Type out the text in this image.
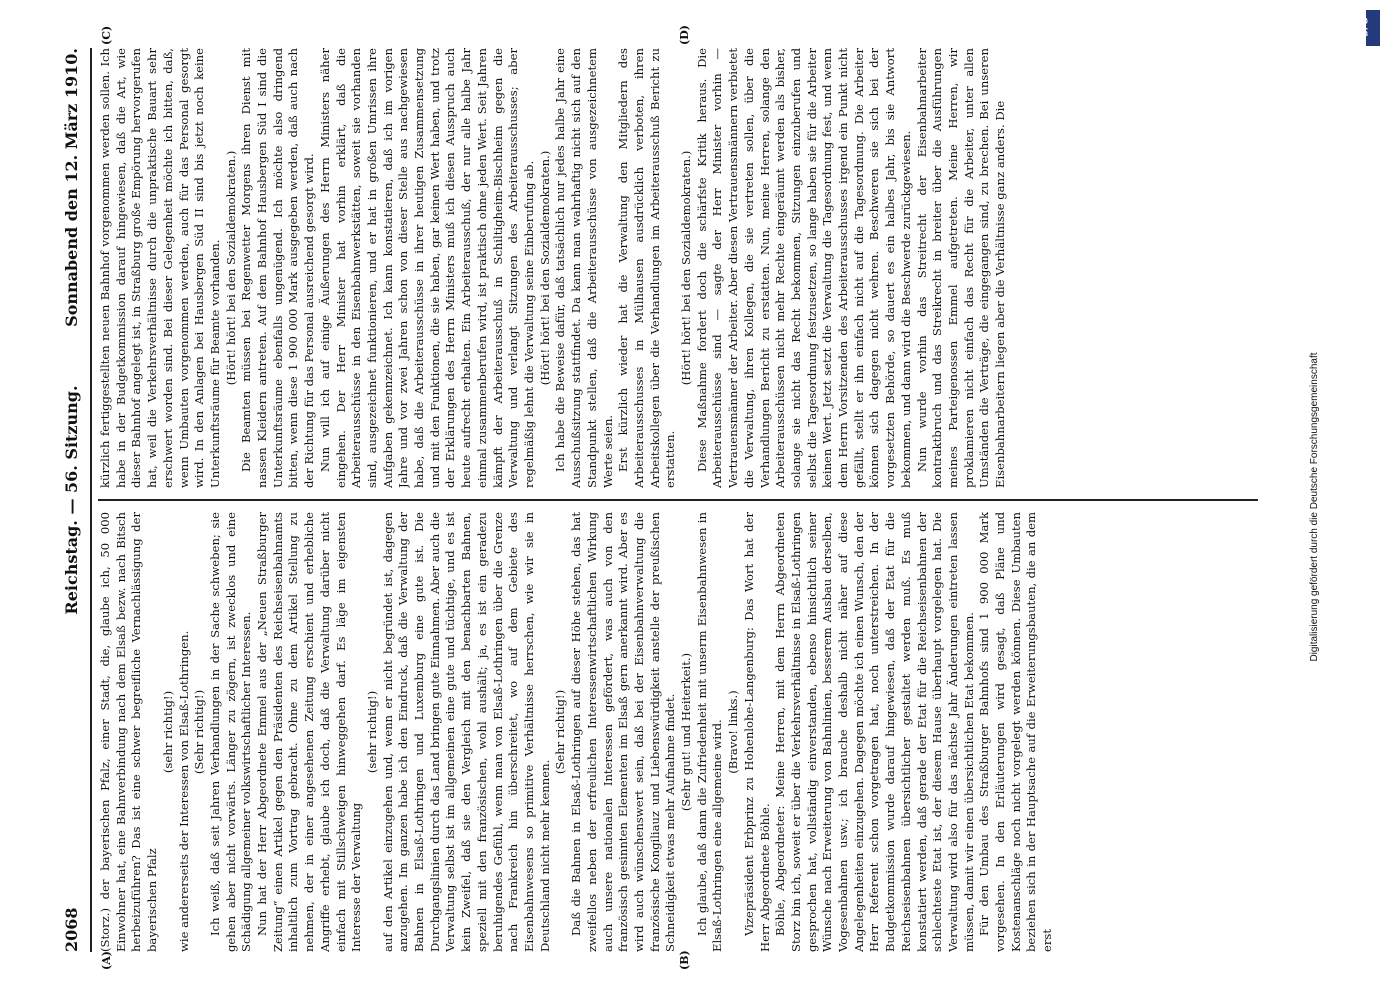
2068
Reichstag. — 56. Sitzung.
Sonnabend den 12. März 1910.
(A)	(B)
(C)	(D)

(Storz.) der bayerischen Pfalz, einer Stadt, die, glaube ich, 50 000 Einwohner hat, eine Bahnverbindung nach dem Elsaß bezw. nach Bitsch herbeizuführen? Das ist eine schwer begreifliche Vernachlässigung der bayerischen Pfalz

(sehr richtig!) wie andererseits der Interessen von Elsaß-Lothringen. (Sehr richtig!) Ich weiß, daß seit Jahren Verhandlungen in der Sache schweben; sie gehen aber nicht vorwärts. Länger zu zögern, ist zwecklos und eine Schädigung allgemeiner volkswirtschaftlicher Interessen. Nun hat der Herr Abgeordnete Emmel aus der „Neuen Straßburger Zeitung“ einen Artikel gegen den Präsidenten des Reichseisenbahnamts inhaltlich zum Vortrag gebracht. Ohne zu dem Artikel Stellung zu nehmen, der in einer angesehenen Zeitung erschient und erhebliche Angriffe erhebt, glaube ich doch, daß die Verwaltung darüber nicht einfach mit Stillschweigen hinweggehen darf. Es läge im eigensten Interesse der Verwaltung

(sehr richtig!) auf den Artikel einzugehen und, wenn er nicht begründet ist, dagegen anzugehen. Im ganzen habe ich den Eindruck, daß die Verwaltung der Bahnen in Elsaß-Lothringen und Luxemburg eine gute ist. Die Durchgangslinien durch das Land bringen gute Einnahmen. Aber auch die Verwaltung selbst ist im allgemeinen eine gute und tüchtige, und es ist kein Zweifel, daß sie den Vergleich mit den benachbarten Bahnen, speziell mit den französischen, wohl aushält; ja, es ist ein geradezu beruhigendes Gefühl, wenn man von Elsaß-Lothringen über die Grenze nach Frankreich hin überschreitet, wo auf dem Gebiete des Eisenbahnwesens so primitive Verhältnisse herrschen, wie wir sie in Deutschland nicht mehr kennen.

(Sehr richtig!) Daß die Bahnen in Elsaß-Lothringen auf dieser Höhe stehen, das hat zweifellos neben der erfreulichen Interessenwirtschaftlichen Wirkung auch unsere nationalen Interessen gefördert, was auch von den französisch gesinnten Elementen im Elsaß gern anerkannt wird. Aber es wird auch wünschenswert sein, daß bei der Eisenbahnverwaltung die französische Kongiliauz und Liebenswürdigkeit anstelle der preußischen Schneidigkeit etwas mehr Aufnahme findet. (Sehr gut! und Heiterkeit.) Ich glaube, daß dann die Zufriedenheit mit unserm Eisenbahnwesen in Elsaß-Lothringen eine allgemeine wird. (Bravo! links.) Vizepräsident Erbprinz zu Hohenlohe-Langenburg: Das Wort hat der Herr Abgeordnete Böhle. Böhle, Abgeordneter: Meine Herren, mit dem Herrn Abgeordneten Storz bin ich, soweit er über die Verkehrsverhältnisse in Elsaß-Lothringen gesprochen hat, vollständig einverstanden, ebenso hinsichtlich seiner Wünsche nach Erweiterung von Bahnlinien, besserem Ausbau derselben, Vogesenbahnen usw.; ich brauche deshalb nicht näher auf diese Angelegenheiten einzugehen. Dagegen möchte ich einen Wunsch, den der Herr Referent schon vorgetragen hat, noch unterstreichen. In der Budgetkommission wurde darauf hingewiesen, daß der Etat für die Reichseisenbahnen übersichtlicher gestaltet werden muß. Es muß konstatiert werden, daß gerade der Etat für die Reichseisenbahnen der schlechteste Etat ist, der diesem Hause überhaupt vorgelegen hat. Die Verwaltung wird also für das nächste Jahr Änderungen eintreten lassen müssen, damit wir einen übersichtlichen Etat bekommen. Für den Umbau des Straßburger Bahnhofs sind 1 900 000 Mark vorgesehen. In den Erläuterungen wird gesagt, daß Pläne und Kostenanschläge noch nicht vorgelegt werden können. Diese Umbauten beziehen sich in der Hauptsache auf die Erweiterungsbauten, die an dem erst

kürzlich fertiggestellten neuen Bahnhof vorgenommen werden sollen. Ich habe in der Budgetkommission darauf hingewiesen, daß die Art, wie dieser Bahnhof angelegt ist, in Straßburg große Empörung hervorgerufen hat, weil die Verkehrsverhältnisse durch die unpraktische Bauart sehr erschwert worden sind. Bei dieser Gelegenheit möchte ich bitten, daß, wenn Umbauten vorgenommen werden, auch für das Personal gesorgt wird. In den Anlagen bei Hausbergen Süd II sind bis jetzt noch keine Unterkunftsräume für Beamte vorhanden. (Hört! hört! bei den Sozialdemokraten.) Die Beamten müssen bei Regenwetter Morgens ihren Dienst mit nassen Kleidern antreten. Auf dem Bahnhof Hausbergen Süd I sind die Unterkunftsräume ebenfalls ungenügend. Ich möchte also dringend bitten, wenn diese 1 900 000 Mark ausgegeben werden, daß auch nach der Richtung für das Personal ausreichend gesorgt wird. Nun will ich auf einige Äußerungen des Herrn Ministers näher eingehen. Der Herr Minister hat vorhin erklärt, daß die Arbeiterausschüsse in den Eisenbahnwerkstätten, soweit sie vorhanden sind, ausgezeichnet funktionieren, und er hat in großen Umrissen ihre Aufgaben gekennzeichnet. Ich kann konstatieren, daß ich im vorigen Jahre und vor zwei Jahren schon von dieser Stelle aus nachgewiesen habe, daß die Arbeiterausschüsse in ihrer heutigen Zusammensetzung und mit den Funktionen, die sie haben, gar keinen Wert haben, und trotz der Erklärungen des Herrn Ministers muß ich diesen Ausspruch auch heute aufrecht erhalten. Ein Arbeiterausschuß, der nur alle halbe Jahr einmal zusammenberufen wird, ist praktisch ohne jeden Wert. Seit Jahren kämpft der Arbeiterausschuß in Schiltigheim-Bischheim gegen die Verwaltung und verlangt Sitzungen des Arbeiterausschusses; aber regelmäßig lehnt die Verwaltung seine Einberufung ab. (Hört! hört! bei den Sozialdemokraten.) Ich habe die Beweise dafür, daß tatsächlich nur jedes halbe Jahr eine Ausschußsitzung stattfindet. Da kann man wahrhaftig nicht sich auf den Standpunkt stellen, daß die Arbeiterausschüsse von ausgezeichnetem Werte seien. Erst kürzlich wieder hat die Verwaltung den Mitgliedern des Arbeiterausschusses in Mülhausen ausdrücklich verboten, ihren Arbeitskollegen über die Verhandlungen im Arbeiterausschuß Bericht zu erstatten.

(Hört! hört! bei den Sozialdemokraten.) Diese Maßnahme fordert doch die schärfste Kritik heraus. Die Arbeiterausschüsse sind — sagte der Herr Minister vorhin — Vertrauensmänner der Arbeiter. Aber diesen Vertrauensmännern verbietet die Verwaltung, ihren Kollegen, die sie vertreten sollen, über die Verhandlungen Bericht zu erstatten. Nun, meine Herren, solange den Arbeiterausschüssen nicht mehr Rechte eingeräumt werden als bisher, solange sie nicht das Recht bekommen, Sitzungen einzuberufen und selbst die Tagesordnung festzusetzen, so lange haben sie für die Arbeiter keinen Wert. Jetzt setzt die Verwaltung die Tagesordnung fest, und wenn dem Herrn Vorsitzenden des Arbeiterausschusses irgend ein Punkt nicht gefällt, stellt er ihn einfach nicht auf die Tagesordnung. Die Arbeiter können sich dagegen nicht wehren. Beschweren sie sich bei der vorgesetzten Behörde, so dauert es ein halbes Jahr, bis sie Antwort bekommen, und dann wird die Beschwerde zurückgewiesen. Nun wurde vorhin das Streitrecht der Eisenbahnarbeiter kontraktbruch und das Streikrecht in breiter über die Ausführungen meines Parteigenossen Emmel aufgetreten. Meine Herren, wir proklamieren nicht einfach das Recht für die Arbeiter, unter allen Umständen die Verträge, die eingegangen sind, zu brechen. Bei unseren Eisenbahnarbeitern liegen aber die Verhältnisse ganz anders. Die

DFG
Digitalisierung gefördert durch die Deutsche Forschungsgemeinschaft
